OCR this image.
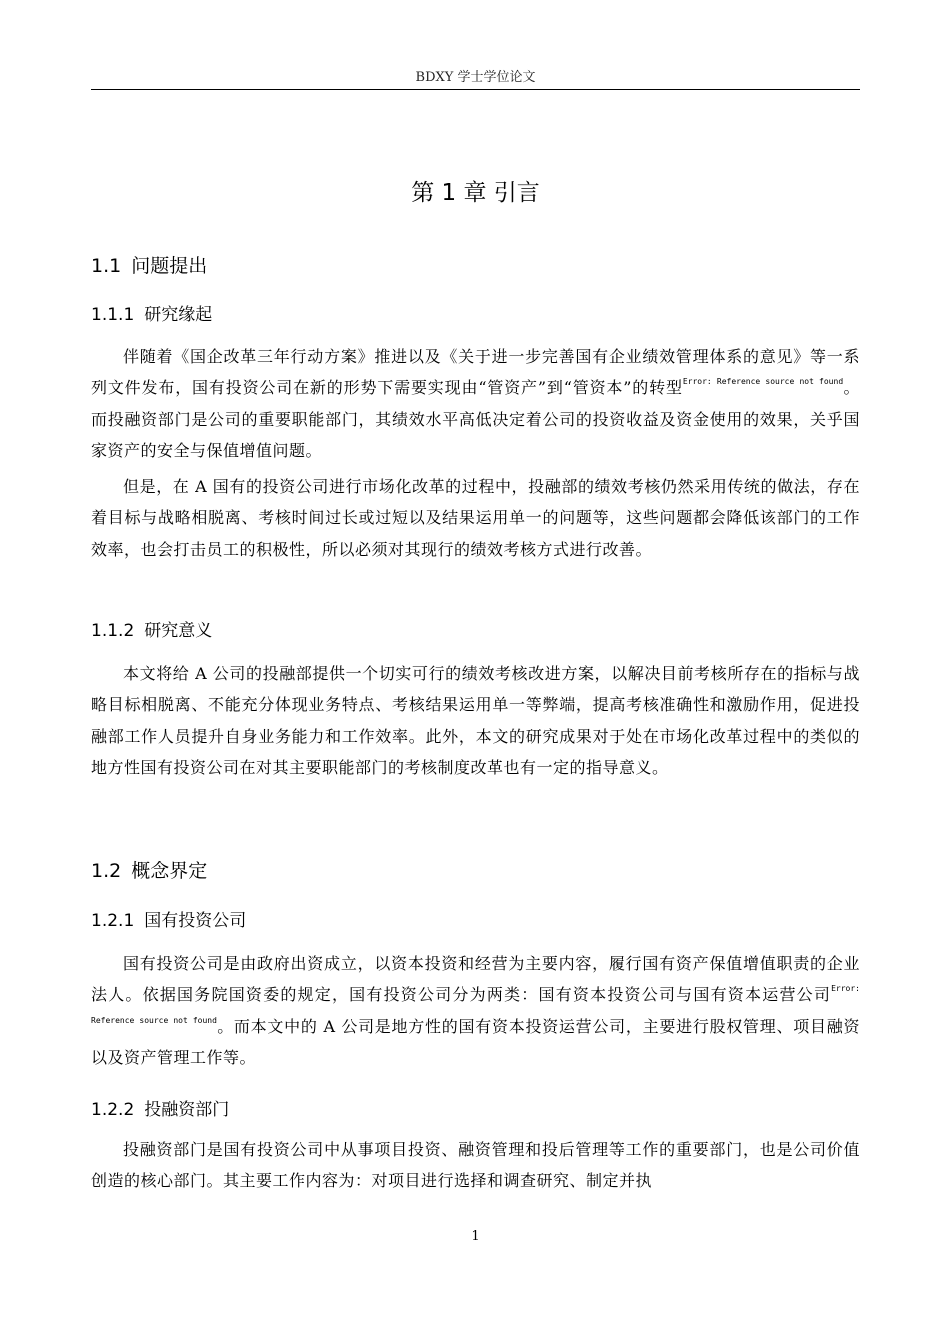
BDXY 学士学位论文
第 1 章 引言
1.1 问题提出
1.1.1 研究缘起

伴随着《国企改革三年行动方案》推进以及《关于进一步完善国有企业绩效管理体系的意见》等一系列文件发布，国有投资公司在新的形势下需要实现由“管资产”到“管资本”的转型$^{Error: Reference source not found}$。而投融资部门是公司的重要职能部门，其绩效水平高低决定着公司的投资收益及资金使用的效果，关乎国家资产的安全与保值增值问题。

但是，在 A 国有的投资公司进行市场化改革的过程中，投融部的绩效考核仍然采用传统的做法，存在着目标与战略相脱离、考核时间过长或过短以及结果运用单一的问题等，这些问题都会降低该部门的工作效率，也会打击员工的积极性，所以必须对其现行的绩效考核方式进行改善。

1.1.2 研究意义

本文将给 A 公司的投融部提供一个切实可行的绩效考核改进方案，以解决目前考核所存在的指标与战略目标相脱离、不能充分体现业务特点、考核结果运用单一等弊端，提高考核准确性和激励作用，促进投融部工作人员提升自身业务能力和工作效率。此外，本文的研究成果对于处在市场化改革过程中的类似的地方性国有投资公司在对其主要职能部门的考核制度改革也有一定的指导意义。

1.2 概念界定
1.2.1 国有投资公司

国有投资公司是由政府出资成立，以资本投资和经营为主要内容，履行国有资产保值增值职责的企业法人。依据国务院国资委的规定，国有投资公司分为两类：国有资本投资公司与国有资本运营公司$^{Error: Reference source not found}$。而本文中的 A 公司是地方性的国有资本投资运营公司，主要进行股权管理、项目融资以及资产管理工作等。

1.2.2 投融资部门

投融资部门是国有投资公司中从事项目投资、融资管理和投后管理等工作的重要部门，也是公司价值创造的核心部门。其主要工作内容为：对项目进行选择和调查研究、制定并执

1
